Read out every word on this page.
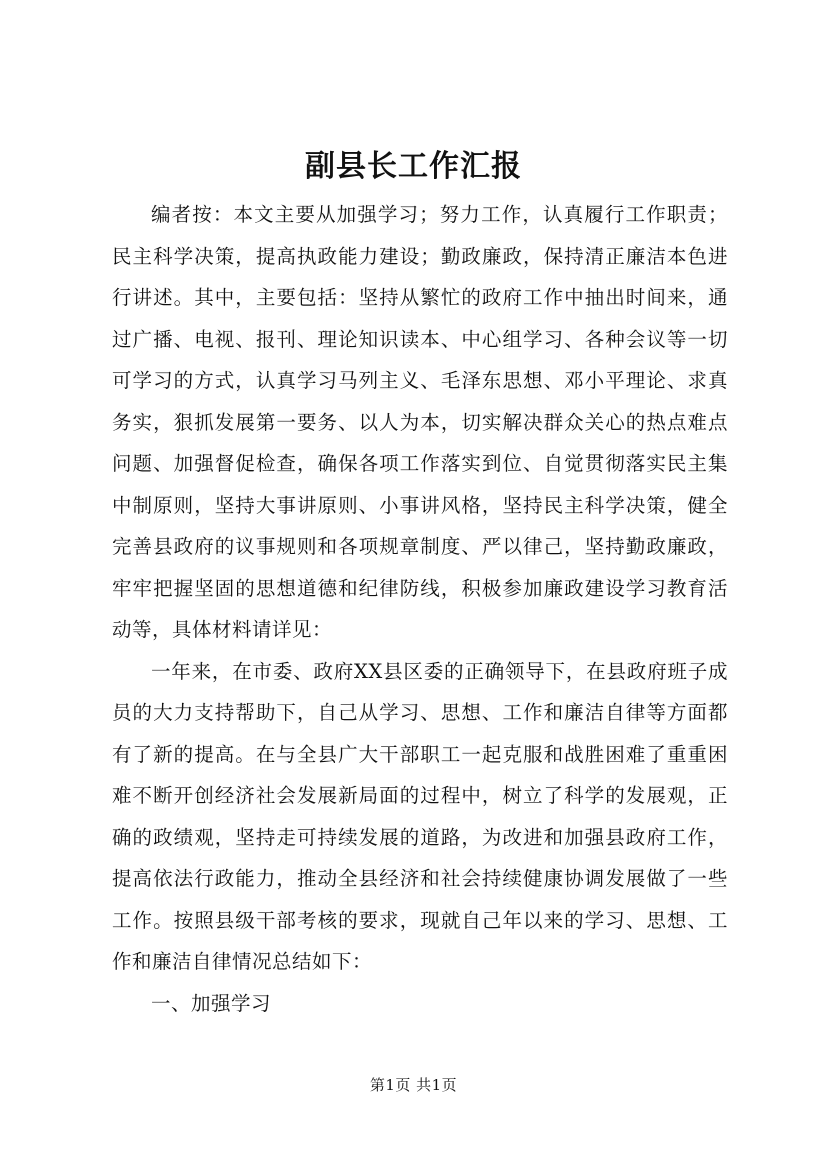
副县长工作汇报

编者按：本文主要从加强学习；努力工作，认真履行工作职责；民主科学决策，提高执政能力建设；勤政廉政，保持清正廉洁本色进行讲述。其中，主要包括：坚持从繁忙的政府工作中抽出时间来，通过广播、电视、报刊、理论知识读本、中心组学习、各种会议等一切可学习的方式，认真学习马列主义、毛泽东思想、邓小平理论、求真务实，狠抓发展第一要务、以人为本，切实解决群众关心的热点难点问题、加强督促检查，确保各项工作落实到位、自觉贯彻落实民主集中制原则，坚持大事讲原则、小事讲风格，坚持民主科学决策，健全完善县政府的议事规则和各项规章制度、严以律己，坚持勤政廉政，牢牢把握坚固的思想道德和纪律防线，积极参加廉政建设学习教育活动等，具体材料请详见：

一年来，在市委、政府XX县区委的正确领导下，在县政府班子成员的大力支持帮助下，自己从学习、思想、工作和廉洁自律等方面都有了新的提高。在与全县广大干部职工一起克服和战胜困难了重重困难不断开创经济社会发展新局面的过程中，树立了科学的发展观，正确的政绩观，坚持走可持续发展的道路，为改进和加强县政府工作，提高依法行政能力，推动全县经济和社会持续健康协调发展做了一些工作。按照县级干部考核的要求，现就自己年以来的学习、思想、工作和廉洁自律情况总结如下：

一、加强学习

第1页 共1页
